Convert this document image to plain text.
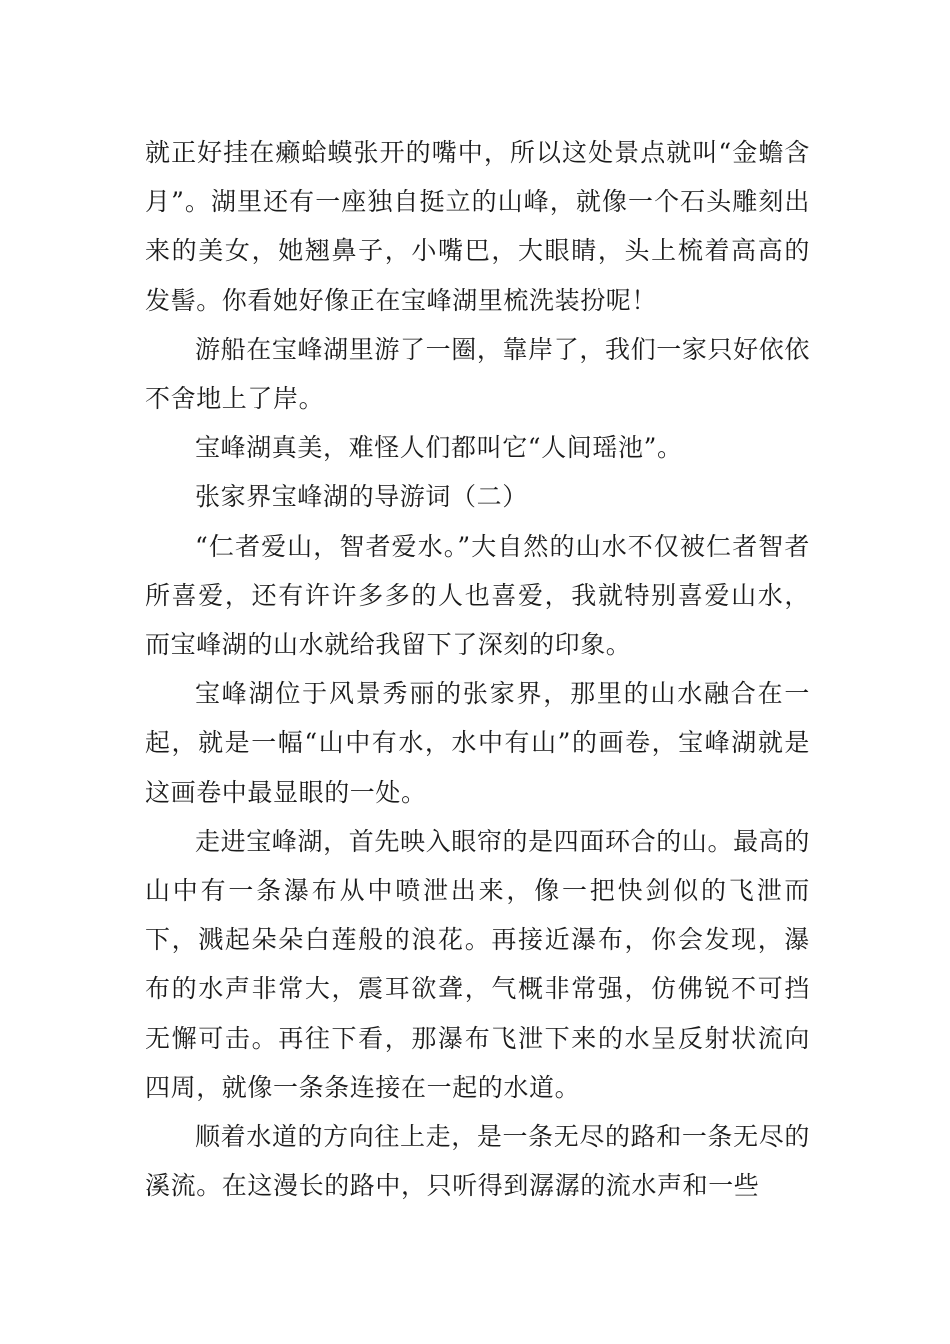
就正好挂在癞蛤蟆张开的嘴中，所以这处景点就叫“金蟾含月”。湖里还有一座独自挺立的山峰，就像一个石头雕刻出来的美女，她翘鼻子，小嘴巴，大眼睛，头上梳着高高的发髻。你看她好像正在宝峰湖里梳洗装扮呢！

游船在宝峰湖里游了一圈，靠岸了，我们一家只好依依不舍地上了岸。

宝峰湖真美，难怪人们都叫它“人间瑶池”。

张家界宝峰湖的导游词（二）

“仁者爱山，智者爱水。”大自然的山水不仅被仁者智者所喜爱，还有许许多多的人也喜爱，我就特别喜爱山水，而宝峰湖的山水就给我留下了深刻的印象。

宝峰湖位于风景秀丽的张家界，那里的山水融合在一起，就是一幅“山中有水，水中有山”的画卷，宝峰湖就是这画卷中最显眼的一处。

走进宝峰湖，首先映入眼帘的是四面环合的山。最高的山中有一条瀑布从中喷泄出来，像一把快剑似的飞泄而下，溅起朵朵白莲般的浪花。再接近瀑布，你会发现，瀑布的水声非常大，震耳欲聋，气概非常强，仿佛锐不可挡无懈可击。再往下看，那瀑布飞泄下来的水呈反射状流向四周，就像一条条连接在一起的水道。

顺着水道的方向往上走，是一条无尽的路和一条无尽的溪流。在这漫长的路中，只听得到潺潺的流水声和一些
